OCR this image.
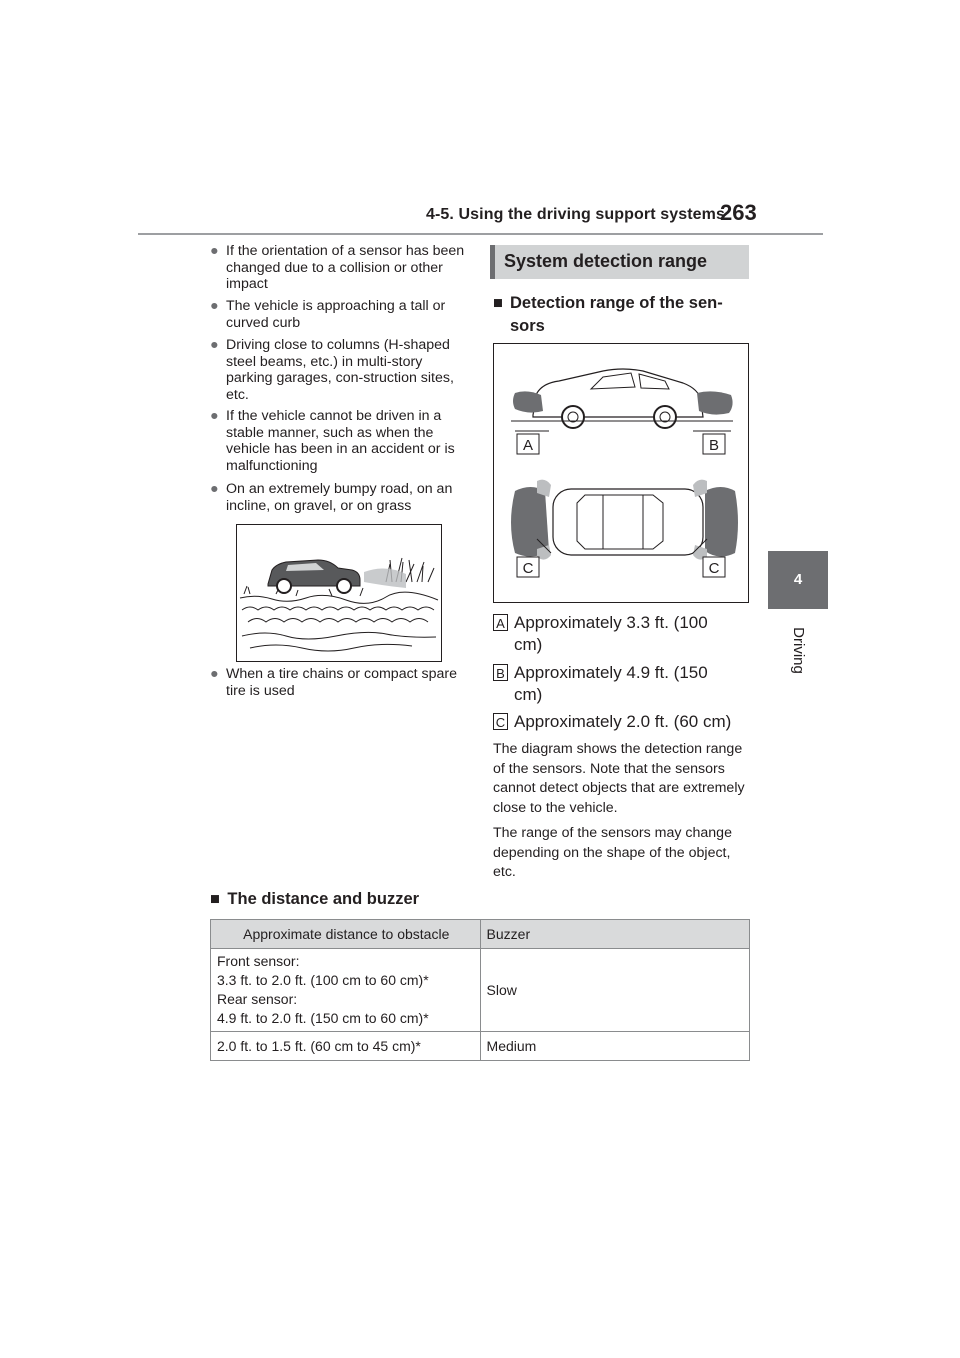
4-5. Using the driving support systems
263
4
Driving
● If the orientation of a sensor has been changed due to a collision or other impact
● The vehicle is approaching a tall or curved curb
● Driving close to columns (H-shaped steel beams, etc.) in multi-story parking garages, con-struction sites, etc.
● If the vehicle cannot be driven in a stable manner, such as when the vehicle has been in an accident or is malfunctioning
● On an extremely bumpy road, on an incline, on gravel, or on grass
● When a tire chains or compact spare tire is used
System detection range
■ Detection range of the sen-sors
A	B
C	C
A Approximately 3.3 ft. (100 cm)
B Approximately 4.9 ft. (150 cm)
C Approximately 2.0 ft. (60 cm)
The diagram shows the detection range of the sensors. Note that the sensors cannot detect objects that are extremely close to the vehicle.
The range of the sensors may change depending on the shape of the object, etc.
■ The distance and buzzer
Approximate distance to obstacle	Buzzer

Front sensor:
3.3 ft. to 2.0 ft. (100 cm to 60 cm)*
Rear sensor:
4.9 ft. to 2.0 ft. (150 cm to 60 cm)*	Slow
2.0 ft. to 1.5 ft. (60 cm to 45 cm)*	Medium
